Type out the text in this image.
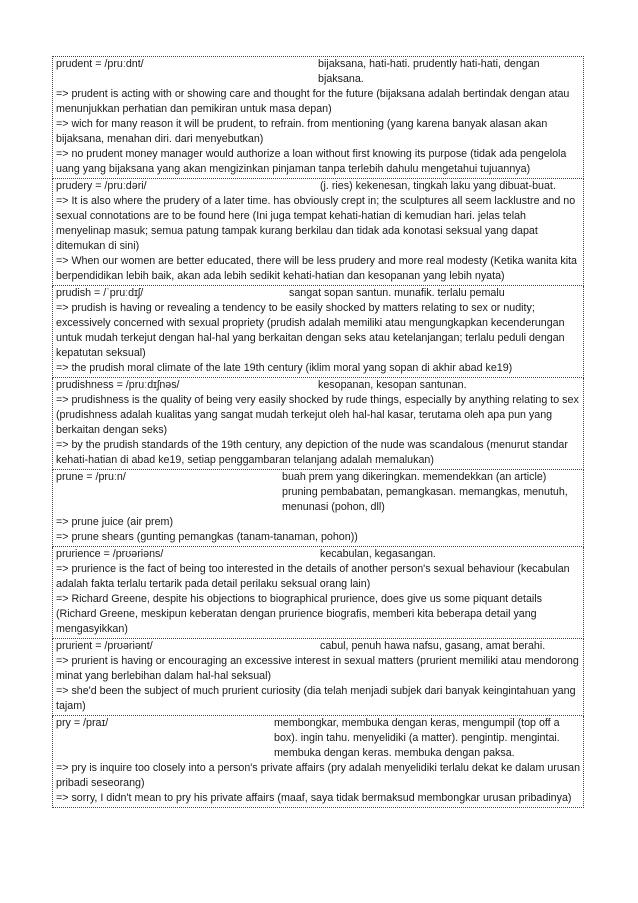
prudent = /pruːdnt/	bijaksana, hati-hati. prudently hati-hati, dengan bjaksana.
=> prudent is acting with or showing care and thought for the future (bijaksana adalah bertindak dengan atau menunjukkan perhatian dan pemikiran untuk masa depan)
=> wich for many reason it will be prudent, to refrain. from mentioning (yang karena banyak alasan akan bijaksana, menahan diri. dari menyebutkan)
=> no prudent money manager would authorize a loan without first knowing its purpose (tidak ada pengelola uang yang bijaksana yang akan mengizinkan pinjaman tanpa terlebih dahulu mengetahui tujuannya)
prudery = /pruːdəri/	(j. ries) kekenesan, tingkah laku yang dibuat-buat.
=> It is also where the prudery of a later time. has obviously crept in; the sculptures all seem lacklustre and no sexual connotations are to be found here (Ini juga tempat kehati-hatian di kemudian hari. jelas telah menyelinap masuk; semua patung tampak kurang berkilau dan tidak ada konotasi seksual yang dapat ditemukan di sini)
=> When our women are better educated, there will be less prudery and more real modesty (Ketika wanita kita berpendidikan lebih baik, akan ada lebih sedikit kehati-hatian dan kesopanan yang lebih nyata)
prudish = /ˈpruːdɪʃ/	sangat sopan santun. munafik. terlalu pemalu
=> prudish is having or revealing a tendency to be easily shocked by matters relating to sex or nudity; excessively concerned with sexual propriety (prudish adalah memiliki atau mengungkapkan kecenderungan untuk mudah terkejut dengan hal-hal yang berkaitan dengan seks atau ketelanjangan; terlalu peduli dengan kepatutan seksual)
=> the prudish moral climate of the late 19th century (iklim moral yang sopan di akhir abad ke19)
prudishness = /pruːdɪʃnəs/	kesopanan, kesopan santunan.
=> prudishness is the quality of being very easily shocked by rude things, especially by anything relating to sex (prudishness adalah kualitas yang sangat mudah terkejut oleh hal-hal kasar, terutama oleh apa pun yang berkaitan dengan seks)
=> by the prudish standards of the 19th century, any depiction of the nude was scandalous (menurut standar kehati-hatian di abad ke19, setiap penggambaran telanjang adalah memalukan)
prune = /pruːn/	buah prem yang dikeringkan. memendekkan (an article) pruning pembabatan, pemangkasan. memangkas, menutuh, menunasi (pohon, dll)
=> prune juice (air prem)
=> prune shears (gunting pemangkas (tanam-tanaman, pohon))
prurience = /prʊəriəns/	kecabulan, kegasangan.
=> prurience is the fact of being too interested in the details of another person's sexual behaviour (kecabulan adalah fakta terlalu tertarik pada detail perilaku seksual orang lain)
=> Richard Greene, despite his objections to biographical prurience, does give us some piquant details (Richard Greene, meskipun keberatan dengan prurience biografis, memberi kita beberapa detail yang mengasyikkan)
prurient = /prʊəriənt/	cabul, penuh hawa nafsu, gasang, amat berahi.
=> prurient is having or encouraging an excessive interest in sexual matters (prurient memiliki atau mendorong minat yang berlebihan dalam hal-hal seksual)
=> she'd been the subject of much prurient curiosity (dia telah menjadi subjek dari banyak keingintahuan yang tajam)
pry = /praɪ/	membongkar, membuka dengan keras, mengumpil (top off a box). ingin tahu. menyelidiki (a matter). pengintip. mengintai. membuka dengan keras. membuka dengan paksa.
=> pry is inquire too closely into a person's private affairs (pry adalah menyelidiki terlalu dekat ke dalam urusan pribadi seseorang)
=> sorry, I didn't mean to pry his private affairs (maaf, saya tidak bermaksud membongkar urusan pribadinya)
